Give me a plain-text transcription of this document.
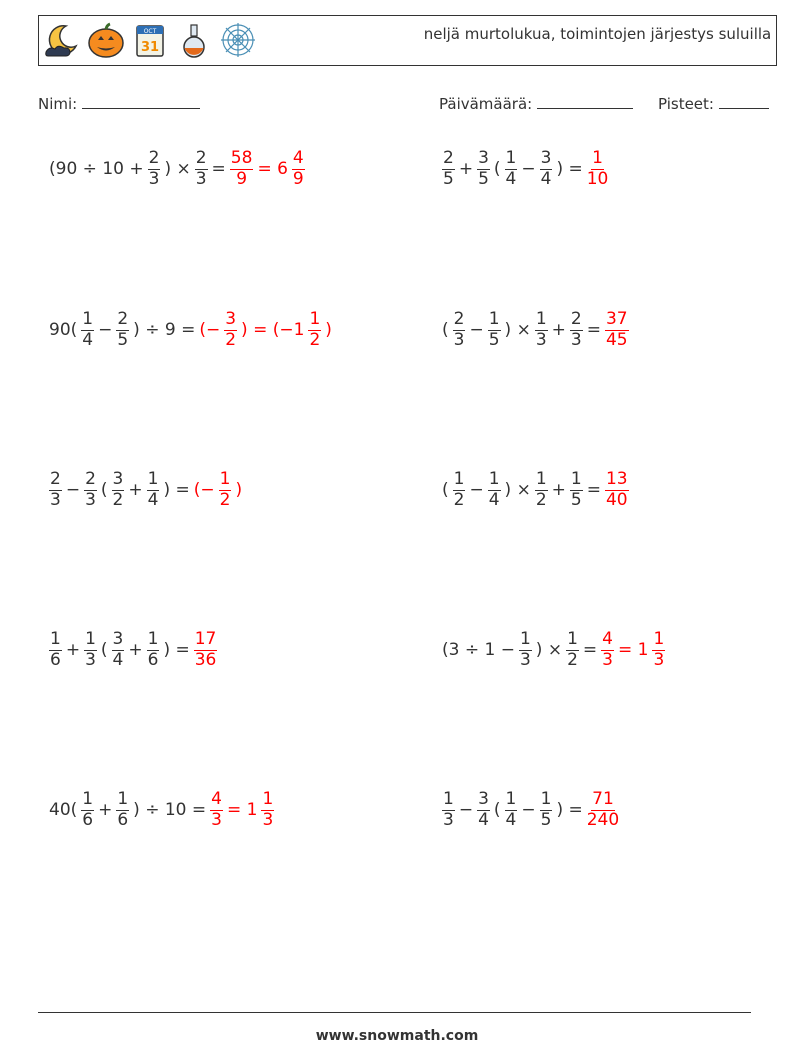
OCT
31
neljä murtolukua, toimintojen järjestys suluilla
Nimi:	Päivämäärä:	Pisteet:
($90 \div 10 + \frac{2}{3}$ ) × $\frac{2}{3} = \frac{58}{9} = 6 \frac{4}{9}$	$\frac{2}{5} + \frac{3}{5}$ ( $\frac{1}{4} - \frac{3}{4}$ ) = $\frac{1}{10}$
$90( \frac{1}{4} - \frac{2}{5}$ ) ÷ 9 = (− $\frac{3}{2}$ ) = ($-1 \frac{1}{2}$ )	( $\frac{2}{3} - \frac{1}{5}$ ) × $\frac{1}{3} + \frac{2}{3} = \frac{37}{45}$
$\frac{2}{3} - \frac{2}{3}$ ( $\frac{3}{2} + \frac{1}{4}$ ) = (− $\frac{1}{2}$ )	( $\frac{1}{2} - \frac{1}{4}$ ) × $\frac{1}{2} + \frac{1}{5} = \frac{13}{40}$
$\frac{1}{6} + \frac{1}{3}$ ( $\frac{3}{4} + \frac{1}{6}$ ) = $\frac{17}{36}$	($3 \div 1 - \frac{1}{3}$ ) × $\frac{1}{2} = \frac{4}{3} = 1 \frac{1}{3}$
$40( \frac{1}{6} + \frac{1}{6}$ ) ÷ $10 = \frac{4}{3} = 1 \frac{1}{3}$	$\frac{1}{3} - \frac{3}{4}$ ( $\frac{1}{4} - \frac{1}{5}$ ) = $\frac{71}{240}$
www.snowmath.com
